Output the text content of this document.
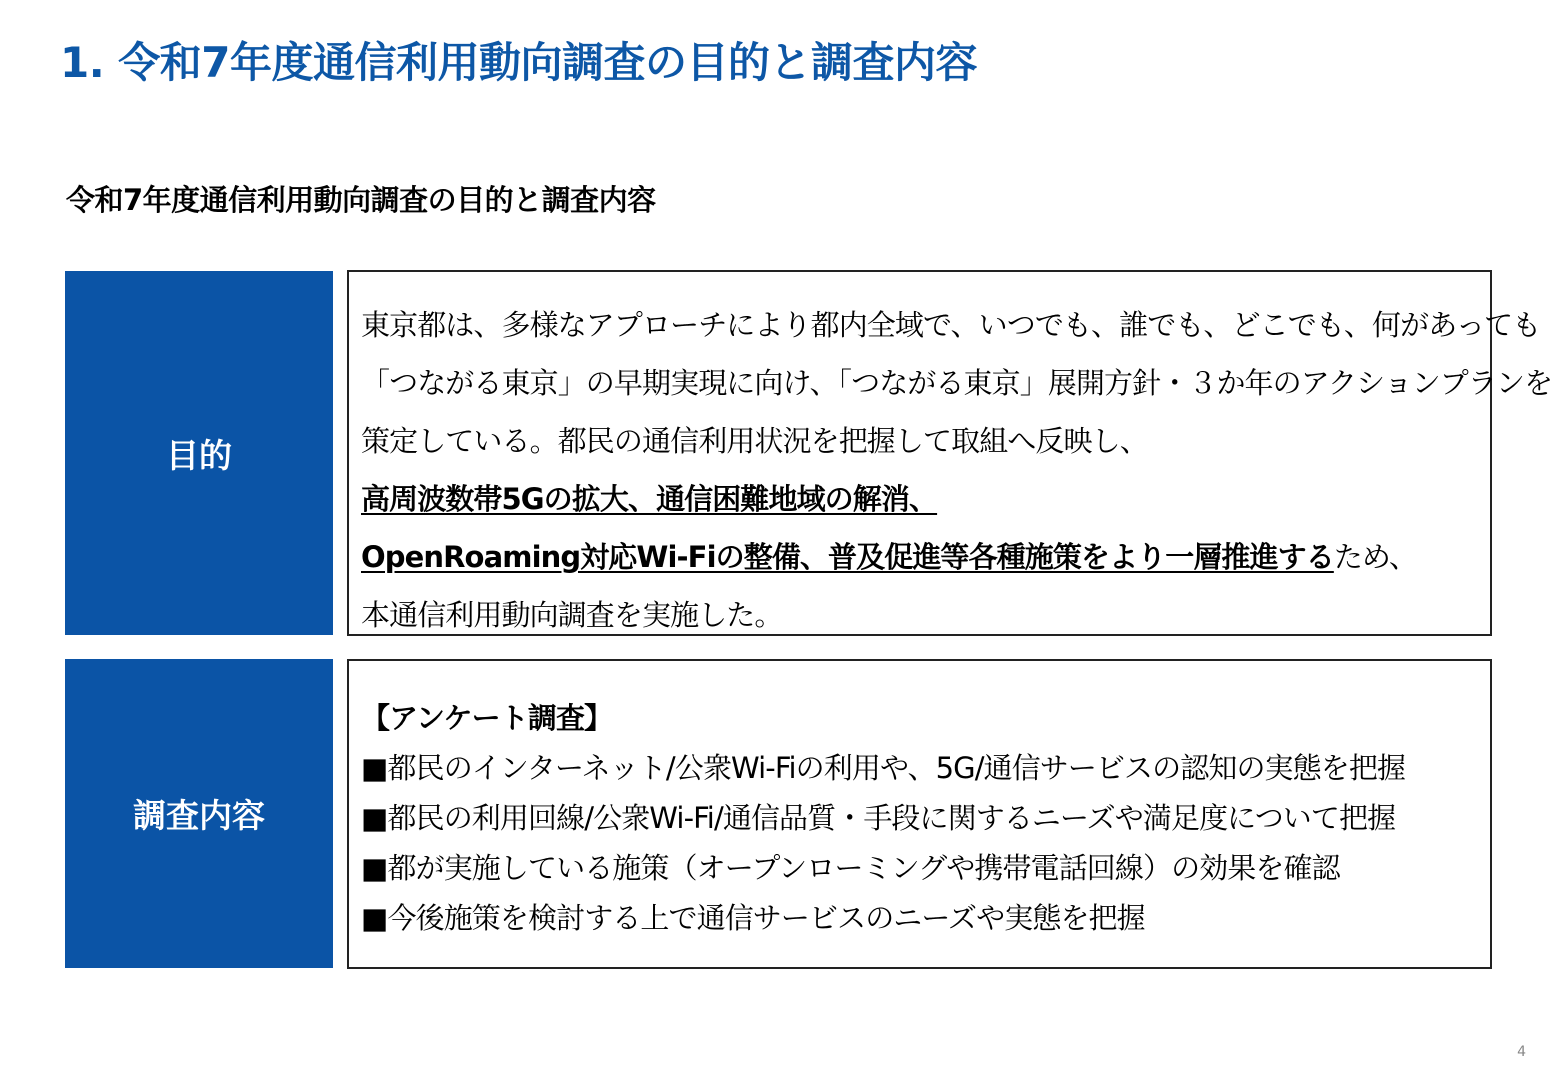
1. 令和7年度通信利用動向調査の目的と調査内容
令和7年度通信利用動向調査の目的と調査内容
目的
東京都は、多様なアプローチにより都内全域で、いつでも、誰でも、どこでも、何があっても
「つながる東京」の早期実現に向け、「つながる東京」展開方針・３か年のアクションプランを
策定している。都民の通信利用状況を把握して取組へ反映し、
高周波数帯5Gの拡大、通信困難地域の解消、
OpenRoaming対応Wi-Fiの整備、普及促進等各種施策をより一層推進するため、
本通信利用動向調査を実施した。
調査内容
【アンケート調査】
■都民のインターネット/公衆Wi-Fiの利用や、5G/通信サービスの認知の実態を把握
■都民の利用回線/公衆Wi-Fi/通信品質・手段に関するニーズや満足度について把握
■都が実施している施策（オープンローミングや携帯電話回線）の効果を確認
■今後施策を検討する上で通信サービスのニーズや実態を把握
4
